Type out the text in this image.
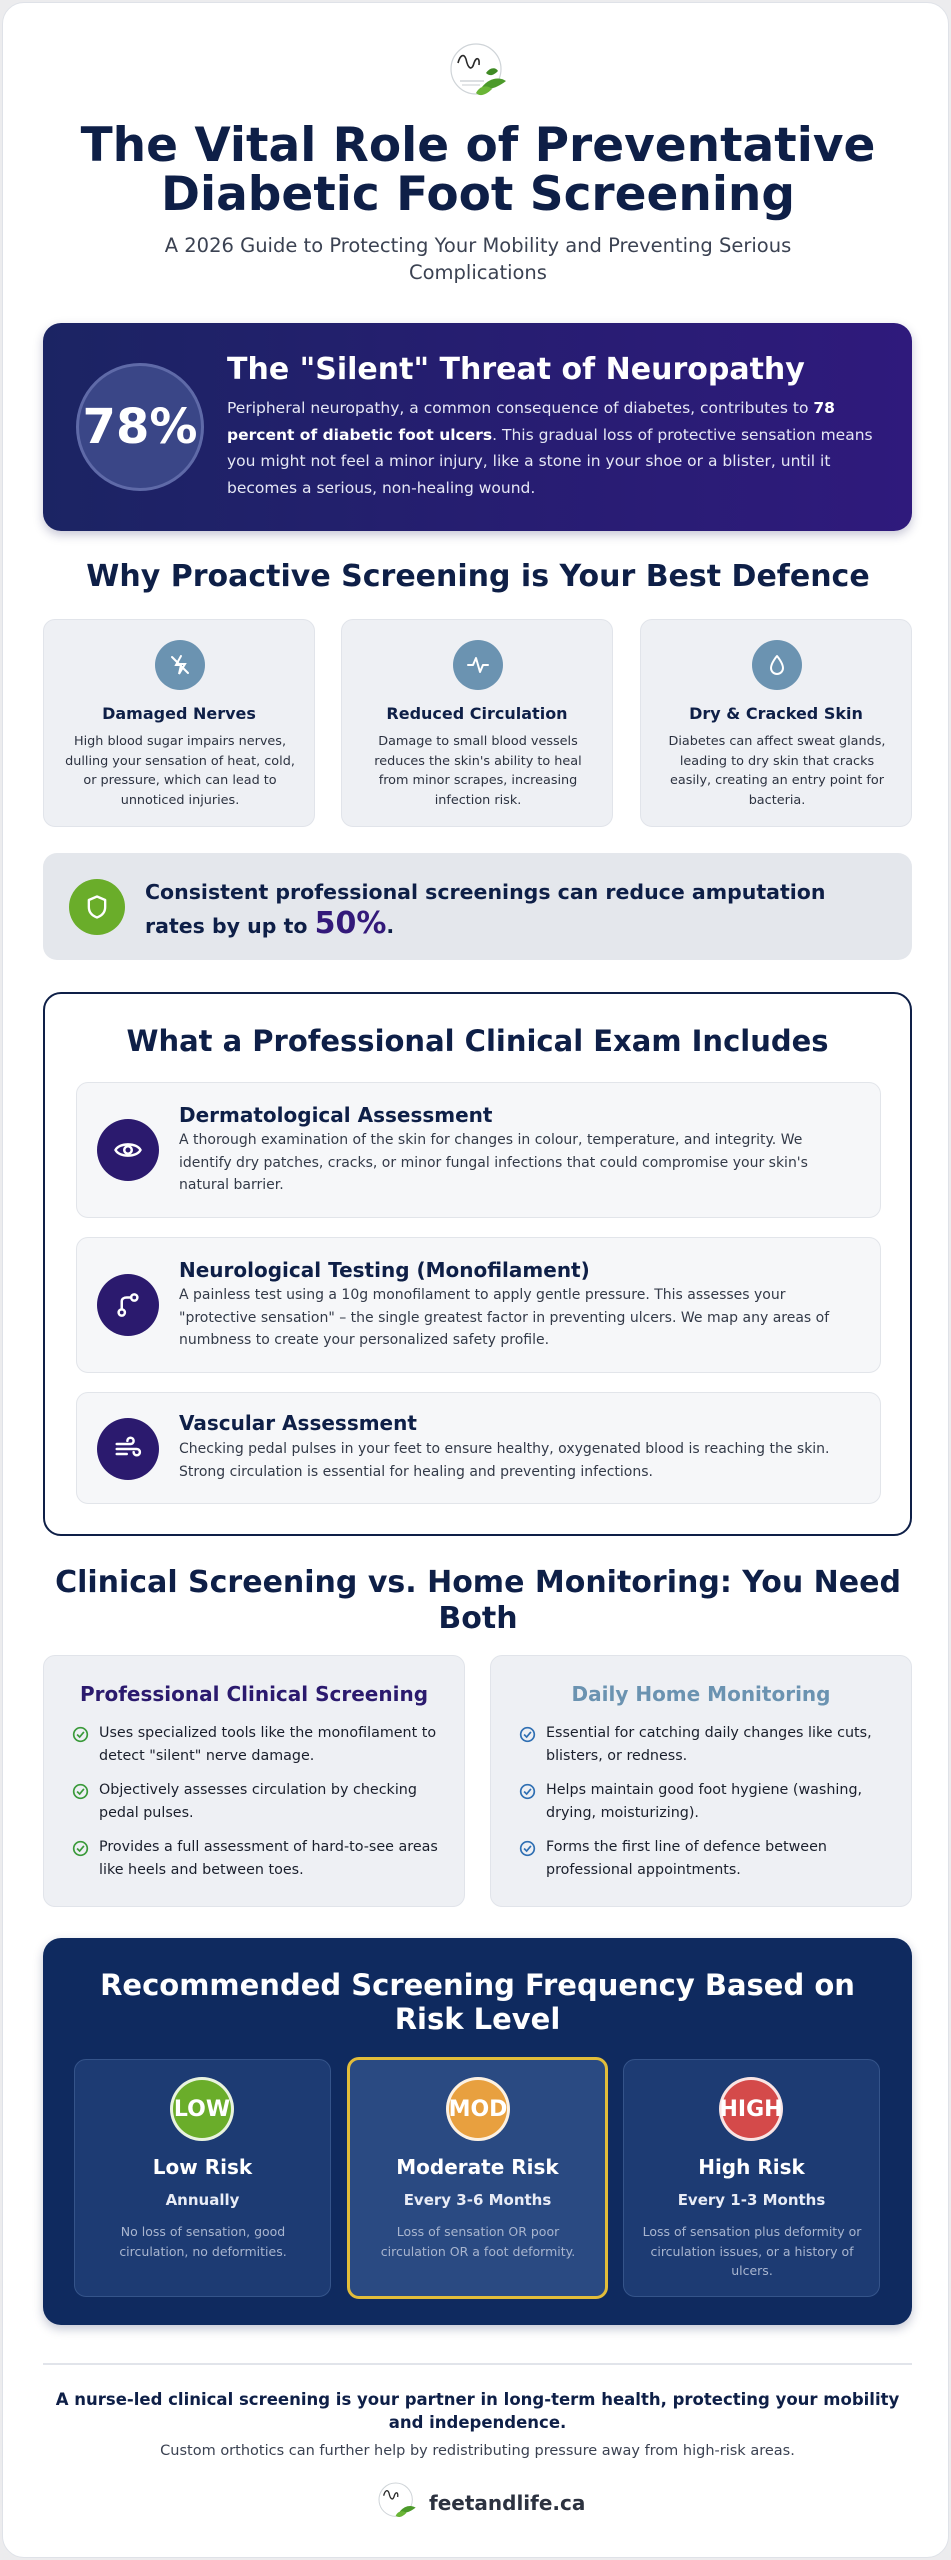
The Vital Role of Preventative Diabetic Foot Screening
A 2026 Guide to Protecting Your Mobility and Preventing Serious Complications
78%
The "Silent" Threat of Neuropathy
Peripheral neuropathy, a common consequence of diabetes, contributes to 78 percent of diabetic foot ulcers. This gradual loss of protective sensation means you might not feel a minor injury, like a stone in your shoe or a blister, until it becomes a serious, non-healing wound.
Why Proactive Screening is Your Best Defence
Damaged Nerves
High blood sugar impairs nerves, dulling your sensation of heat, cold, or pressure, which can lead to unnoticed injuries.
Reduced Circulation
Damage to small blood vessels reduces the skin's ability to heal from minor scrapes, increasing infection risk.
Dry & Cracked Skin
Diabetes can affect sweat glands, leading to dry skin that cracks easily, creating an entry point for bacteria.
Consistent professional screenings can reduce amputation rates by up to 50%.
What a Professional Clinical Exam Includes
Dermatological Assessment
A thorough examination of the skin for changes in colour, temperature, and integrity. We identify dry patches, cracks, or minor fungal infections that could compromise your skin's natural barrier.
Neurological Testing (Monofilament)
A painless test using a 10g monofilament to apply gentle pressure. This assesses your "protective sensation" – the single greatest factor in preventing ulcers. We map any areas of numbness to create your personalized safety profile.
Vascular Assessment
Checking pedal pulses in your feet to ensure healthy, oxygenated blood is reaching the skin. Strong circulation is essential for healing and preventing infections.
Clinical Screening vs. Home Monitoring: You Need Both
Professional Clinical Screening
Uses specialized tools like the monofilament to detect "silent" nerve damage.
Objectively assesses circulation by checking pedal pulses.
Provides a full assessment of hard-to-see areas like heels and between toes.
Daily Home Monitoring
Essential for catching daily changes like cuts, blisters, or redness.
Helps maintain good foot hygiene (washing, drying, moisturizing).
Forms the first line of defence between professional appointments.
Recommended Screening Frequency Based on Risk Level
LOW
Low Risk
Annually
No loss of sensation, good circulation, no deformities.
MOD
Moderate Risk
Every 3-6 Months
Loss of sensation OR poor circulation OR a foot deformity.
HIGH
High Risk
Every 1-3 Months
Loss of sensation plus deformity or circulation issues, or a history of ulcers.
A nurse-led clinical screening is your partner in long-term health, protecting your mobility and independence.
Custom orthotics can further help by redistributing pressure away from high-risk areas.
feetandlife.ca
